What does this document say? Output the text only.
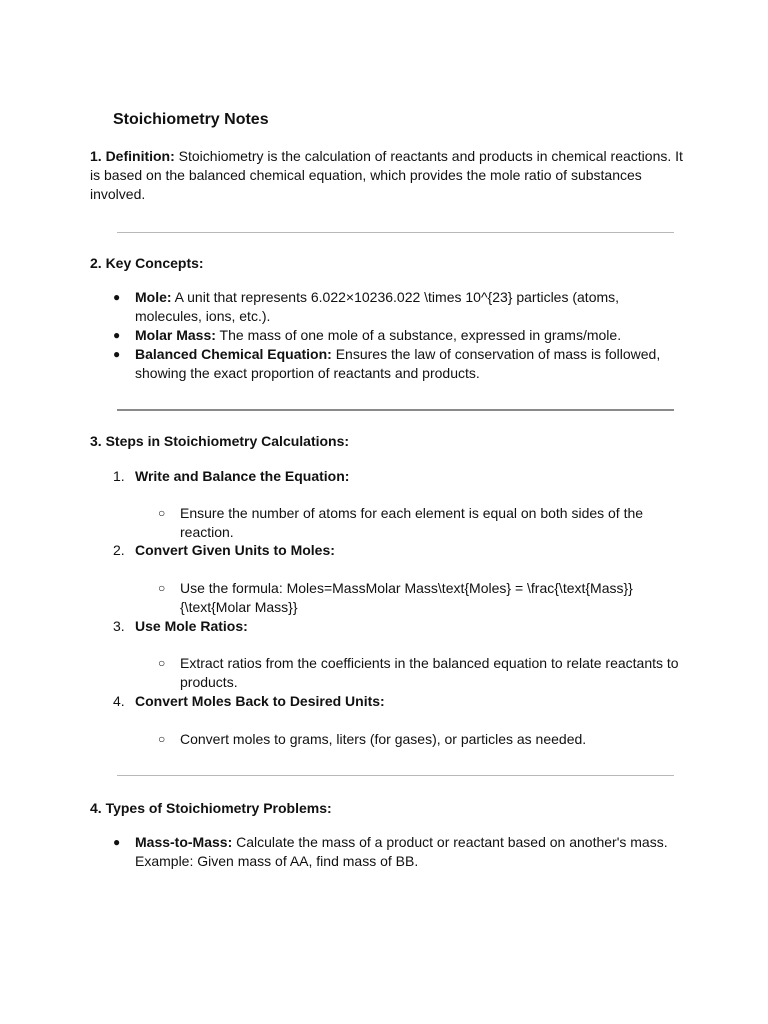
Stoichiometry Notes
1. Definition: Stoichiometry is the calculation of reactants and products in chemical reactions. It is based on the balanced chemical equation, which provides the mole ratio of substances involved.
2. Key Concepts:
●	Mole: A unit that represents 6.022×10236.022 \times 10^{23} particles (atoms, molecules, ions, etc.).
●	Molar Mass: The mass of one mole of a substance, expressed in grams/mole.
●	Balanced Chemical Equation: Ensures the law of conservation of mass is followed, showing the exact proportion of reactants and products.
3. Steps in Stoichiometry Calculations:
1. Write and Balance the Equation:
○ Ensure the number of atoms for each element is equal on both sides of the reaction.
2. Convert Given Units to Moles:
○ Use the formula: Moles=MassMolar Mass\text{Moles} = \frac{\text{Mass}}{\text{Molar Mass}}
3. Use Mole Ratios:
○ Extract ratios from the coefficients in the balanced equation to relate reactants to products.
4. Convert Moles Back to Desired Units:
○ Convert moles to grams, liters (for gases), or particles as needed.
4. Types of Stoichiometry Problems:
●	Mass-to-Mass: Calculate the mass of a product or reactant based on another's mass. Example: Given mass of AA, find mass of BB.
